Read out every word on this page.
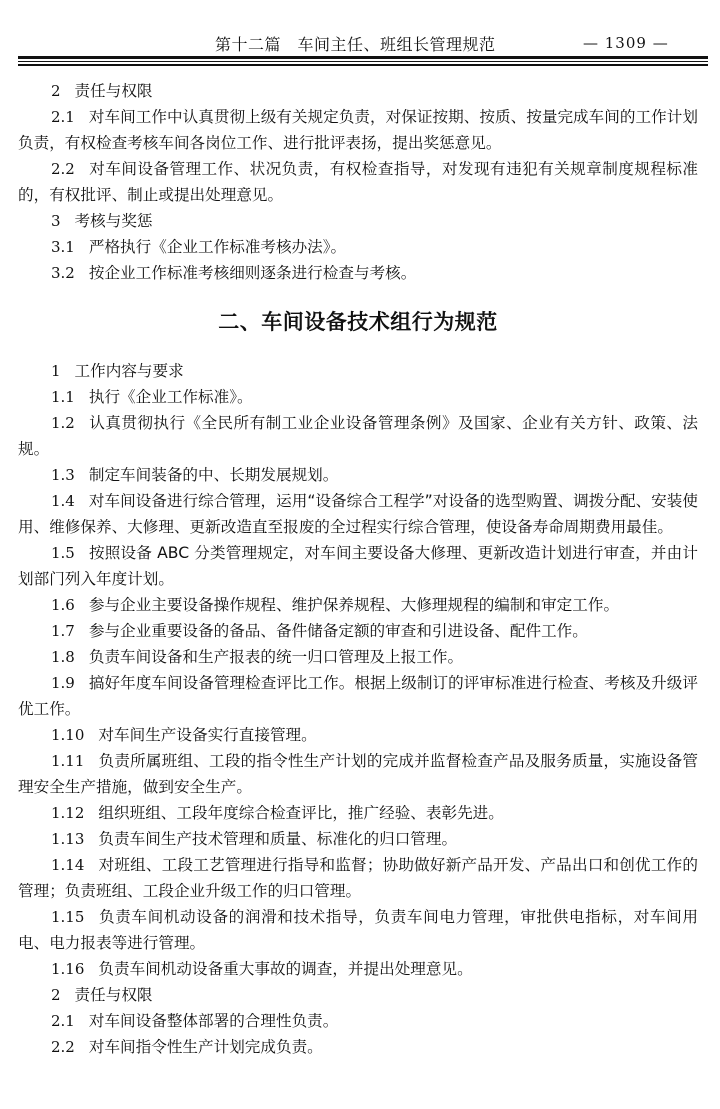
第十二篇　车间主任、班组长管理规范	— 1309 —

2 责任与权限

2.1 对车间工作中认真贯彻上级有关规定负责，对保证按期、按质、按量完成车间的工作计划负责，有权检查考核车间各岗位工作、进行批评表扬，提出奖惩意见。

2.2 对车间设备管理工作、状况负责，有权检查指导，对发现有违犯有关规章制度规程标准的，有权批评、制止或提出处理意见。

3 考核与奖惩

3.1 严格执行《企业工作标准考核办法》。

3.2 按企业工作标准考核细则逐条进行检查与考核。

二、车间设备技术组行为规范

1 工作内容与要求

1.1 执行《企业工作标准》。

1.2 认真贯彻执行《全民所有制工业企业设备管理条例》及国家、企业有关方针、政策、法规。

1.3 制定车间装备的中、长期发展规划。

1.4 对车间设备进行综合管理，运用“设备综合工程学”对设备的选型购置、调拨分配、安装使用、维修保养、大修理、更新改造直至报废的全过程实行综合管理，使设备寿命周期费用最佳。

1.5 按照设备 ABC 分类管理规定，对车间主要设备大修理、更新改造计划进行审查，并由计划部门列入年度计划。

1.6 参与企业主要设备操作规程、维护保养规程、大修理规程的编制和审定工作。

1.7 参与企业重要设备的备品、备件储备定额的审查和引进设备、配件工作。

1.8 负责车间设备和生产报表的统一归口管理及上报工作。

1.9 搞好年度车间设备管理检查评比工作。根据上级制订的评审标准进行检查、考核及升级评优工作。

1.10 对车间生产设备实行直接管理。

1.11 负责所属班组、工段的指令性生产计划的完成并监督检查产品及服务质量，实施设备管理安全生产措施，做到安全生产。

1.12 组织班组、工段年度综合检查评比，推广经验、表彰先进。

1.13 负责车间生产技术管理和质量、标准化的归口管理。

1.14 对班组、工段工艺管理进行指导和监督；协助做好新产品开发、产品出口和创优工作的管理；负责班组、工段企业升级工作的归口管理。

1.15 负责车间机动设备的润滑和技术指导，负责车间电力管理，审批供电指标，对车间用电、电力报表等进行管理。

1.16 负责车间机动设备重大事故的调查，并提出处理意见。

2 责任与权限

2.1 对车间设备整体部署的合理性负责。

2.2 对车间指令性生产计划完成负责。
